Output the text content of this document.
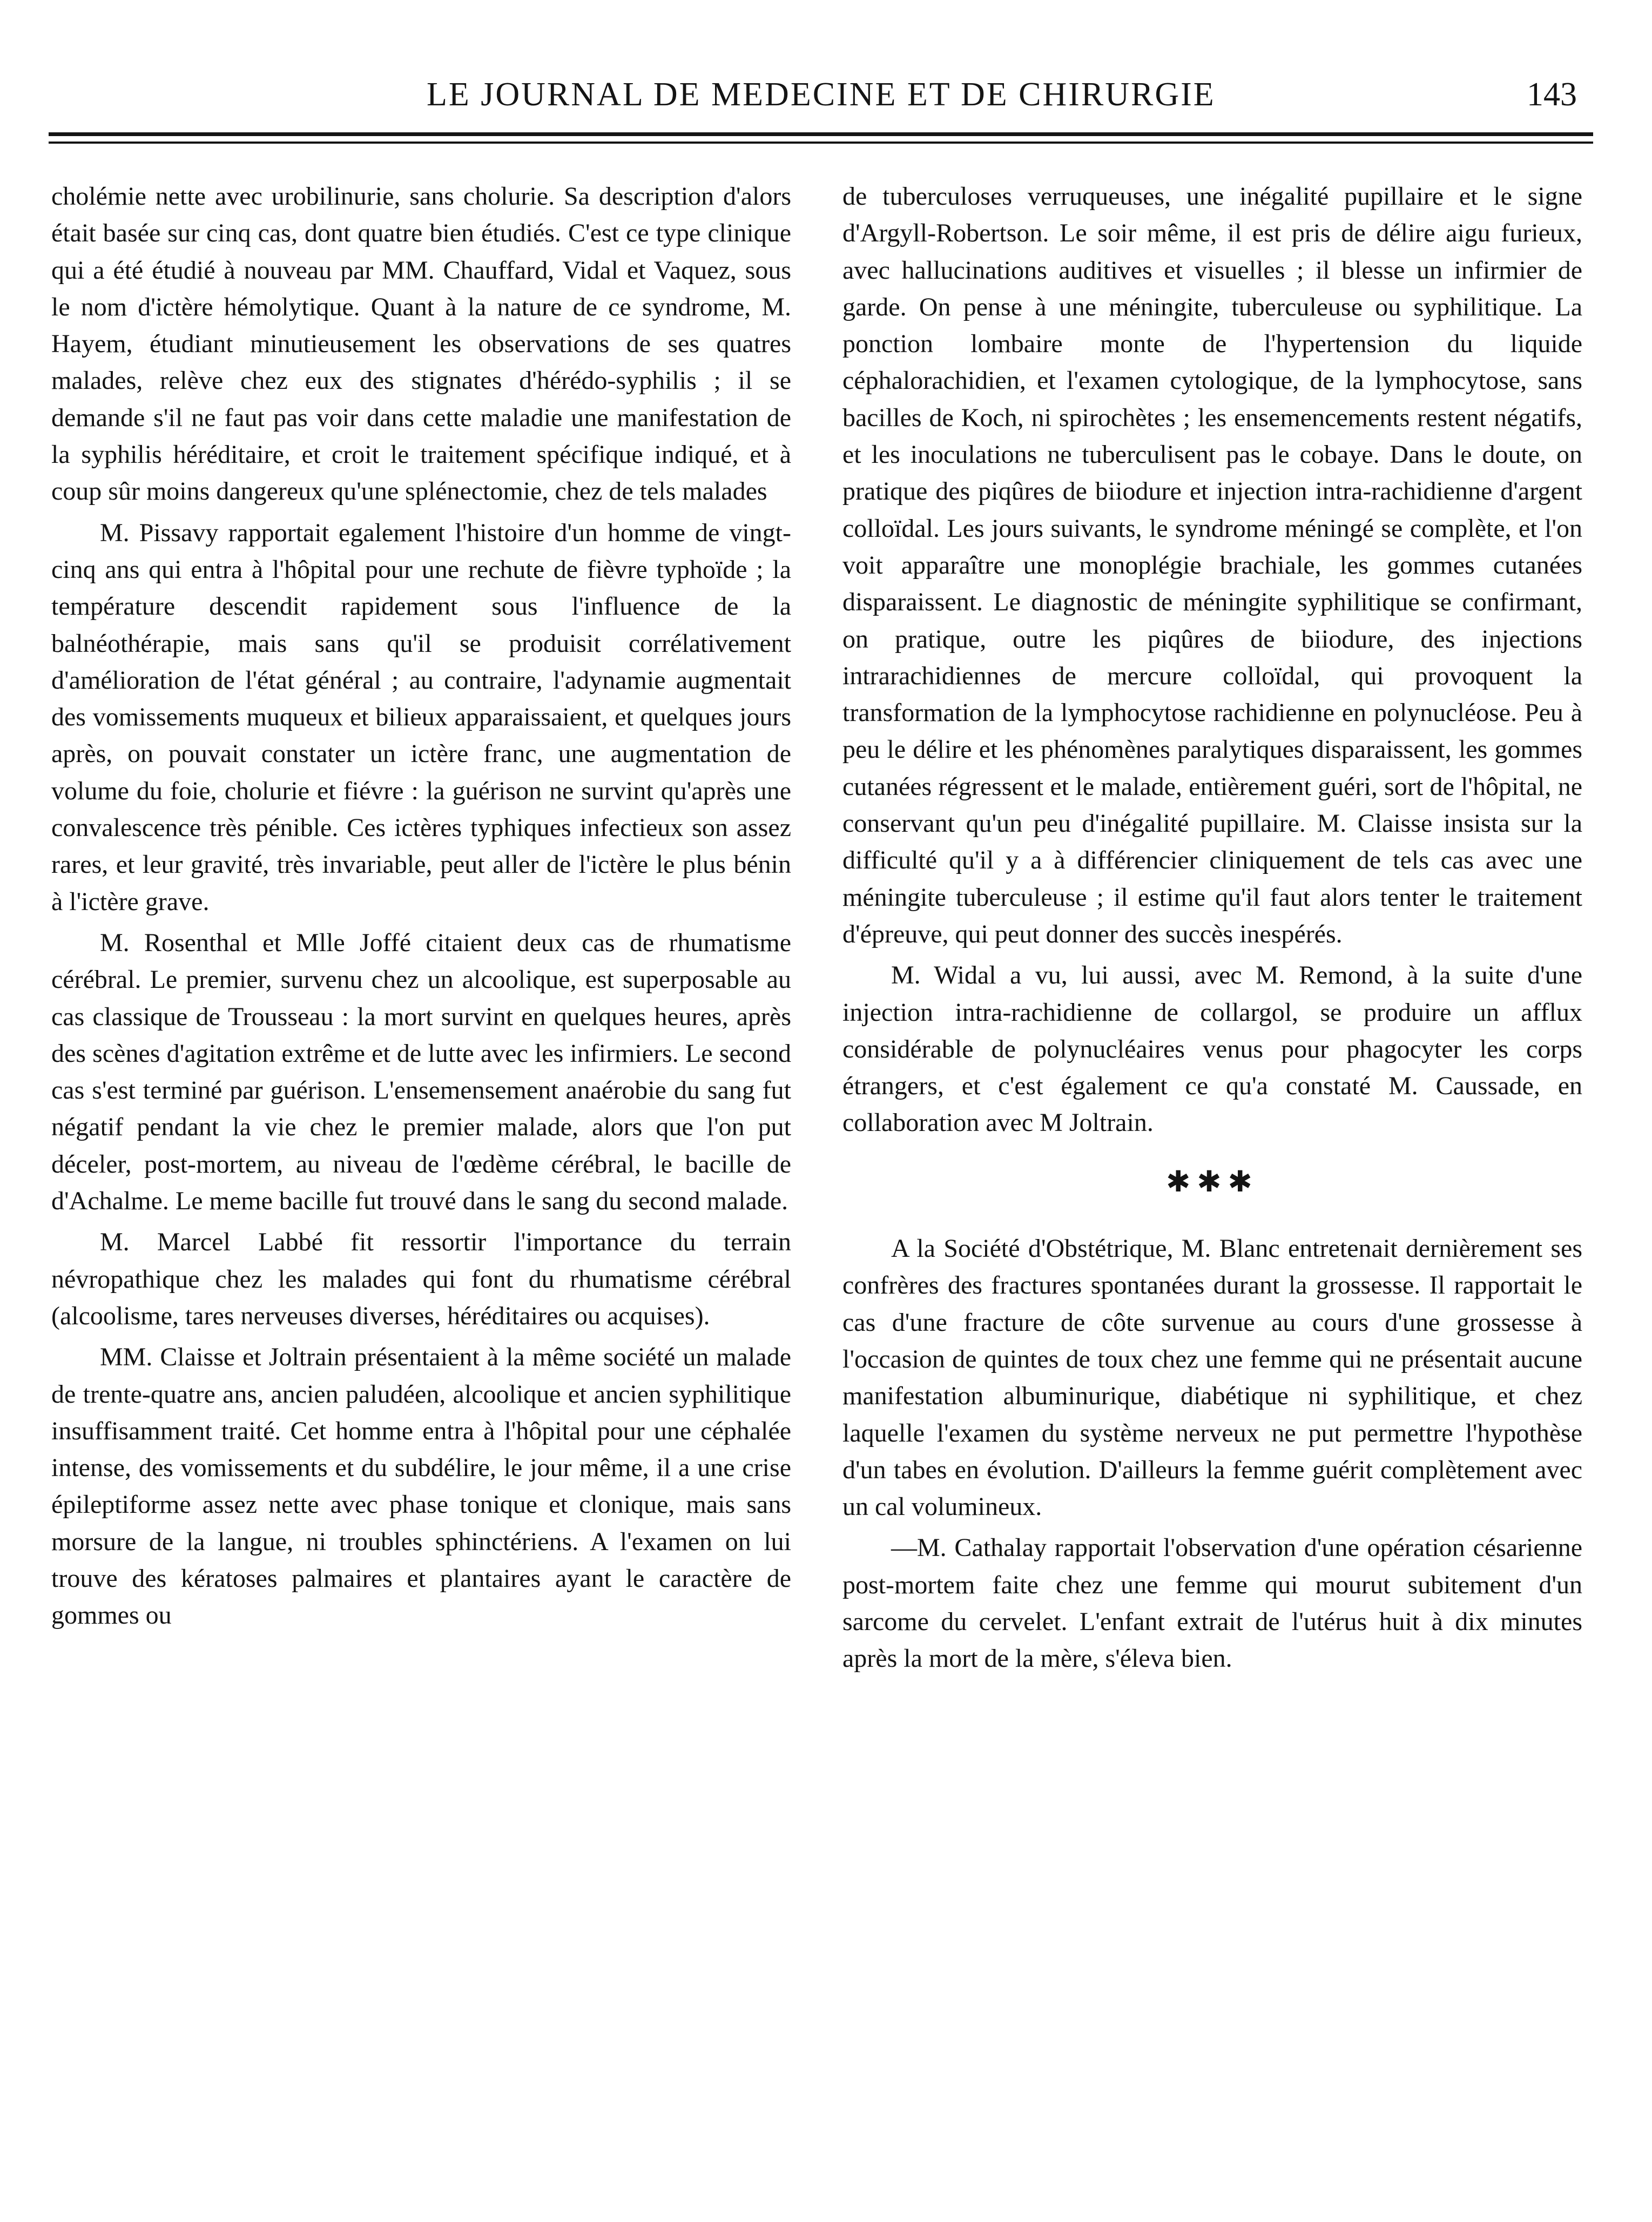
LE JOURNAL DE MEDECINE ET DE CHIRURGIE	143

cholémie nette avec urobilinurie, sans cholurie. Sa description d'alors était basée sur cinq cas, dont quatre bien étudiés. C'est ce type clinique qui a été étudié à nouveau par MM. Chauffard, Vidal et Vaquez, sous le nom d'ictère hémolytique. Quant à la nature de ce syndrome, M. Hayem, étudiant minutieusement les observations de ses quatres malades, relève chez eux des stignates d'hérédo-syphilis ; il se demande s'il ne faut pas voir dans cette maladie une manifestation de la syphilis héréditaire, et croit le traitement spécifique indiqué, et à coup sûr moins dangereux qu'une splénectomie, chez de tels malades

M. Pissavy rapportait egalement l'histoire d'un homme de vingt-cinq ans qui entra à l'hôpital pour une rechute de fièvre typhoïde ; la température descendit rapidement sous l'influence de la balnéothérapie, mais sans qu'il se produisit corrélativement d'amélioration de l'état général ; au contraire, l'adynamie augmentait des vomissements muqueux et bilieux apparaissaient, et quelques jours après, on pouvait constater un ictère franc, une augmentation de volume du foie, cholurie et fiévre : la guérison ne survint qu'après une convalescence très pénible. Ces ictères typhiques infectieux son assez rares, et leur gravité, très invariable, peut aller de l'ictère le plus bénin à l'ictère grave.

M. Rosenthal et Mlle Joffé citaient deux cas de rhumatisme cérébral. Le premier, survenu chez un alcoolique, est superposable au cas classique de Trousseau : la mort survint en quelques heures, après des scènes d'agitation extrême et de lutte avec les infirmiers. Le second cas s'est terminé par guérison. L'ensemensement anaérobie du sang fut négatif pendant la vie chez le premier malade, alors que l'on put déceler, post-mortem, au niveau de l'œdème cérébral, le bacille de d'Achalme. Le meme bacille fut trouvé dans le sang du second malade.

M. Marcel Labbé fit ressortir l'importance du terrain névropathique chez les malades qui font du rhumatisme cérébral (alcoolisme, tares nerveuses diverses, héréditaires ou acquises).

MM. Claisse et Joltrain présentaient à la même société un malade de trente-quatre ans, ancien paludéen, alcoolique et ancien syphilitique insuffisamment traité. Cet homme entra à l'hôpital pour une céphalée intense, des vomissements et du subdélire, le jour même, il a une crise épileptiforme assez nette avec phase tonique et clonique, mais sans morsure de la langue, ni troubles sphinctériens. A l'examen on lui trouve des kératoses palmaires et plantaires ayant le caractère de gommes ou

de tuberculoses verruqueuses, une inégalité pupillaire et le signe d'Argyll-Robertson. Le soir même, il est pris de délire aigu furieux, avec hallucinations auditives et visuelles ; il blesse un infirmier de garde. On pense à une méningite, tuberculeuse ou syphilitique. La ponction lombaire monte de l'hypertension du liquide céphalorachidien, et l'examen cytologique, de la lymphocytose, sans bacilles de Koch, ni spirochètes ; les ensemencements restent négatifs, et les inoculations ne tuberculisent pas le cobaye. Dans le doute, on pratique des piqûres de biiodure et injection intra-rachidienne d'argent colloïdal. Les jours suivants, le syndrome méningé se complète, et l'on voit apparaître une monoplégie brachiale, les gommes cutanées disparaissent. Le diagnostic de méningite syphilitique se confirmant, on pratique, outre les piqûres de biiodure, des injections intrarachidiennes de mercure colloïdal, qui provoquent la transformation de la lymphocytose rachidienne en polynucléose. Peu à peu le délire et les phénomènes paralytiques disparaissent, les gommes cutanées régressent et le malade, entièrement guéri, sort de l'hôpital, ne conservant qu'un peu d'inégalité pupillaire. M. Claisse insista sur la difficulté qu'il y a à différencier cliniquement de tels cas avec une méningite tuberculeuse ; il estime qu'il faut alors tenter le traitement d'épreuve, qui peut donner des succès inespérés.

M. Widal a vu, lui aussi, avec M. Remond, à la suite d'une injection intra-rachidienne de collargol, se produire un afflux considérable de polynucléaires venus pour phagocyter les corps étrangers, et c'est également ce qu'a constaté M. Caussade, en collaboration avec M Joltrain.

✱✱✱

A la Société d'Obstétrique, M. Blanc entretenait dernièrement ses confrères des fractures spontanées durant la grossesse. Il rapportait le cas d'une fracture de côte survenue au cours d'une grossesse à l'occasion de quintes de toux chez une femme qui ne présentait aucune manifestation albuminurique, diabétique ni syphilitique, et chez laquelle l'examen du système nerveux ne put permettre l'hypothèse d'un tabes en évolution. D'ailleurs la femme guérit complètement avec un cal volumineux.

—M. Cathalay rapportait l'observation d'une opération césarienne post-mortem faite chez une femme qui mourut subitement d'un sarcome du cervelet. L'enfant extrait de l'utérus huit à dix minutes après la mort de la mère, s'éleva bien.
